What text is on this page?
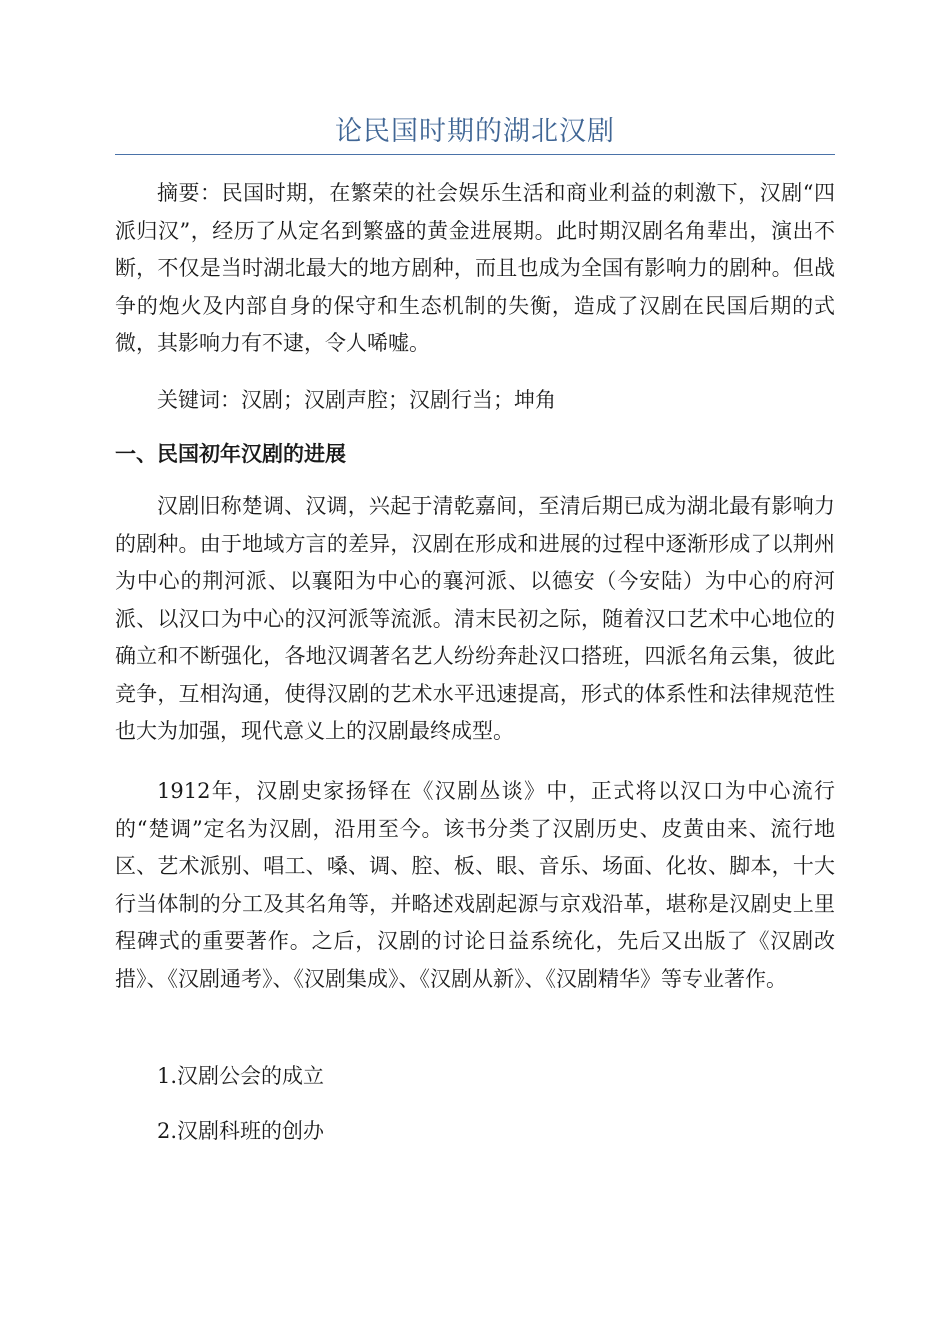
论民国时期的湖北汉剧

摘要：民国时期，在繁荣的社会娱乐生活和商业利益的刺激下，汉剧“四派归汉”，经历了从定名到繁盛的黄金进展期。此时期汉剧名角辈出，演出不断，不仅是当时湖北最大的地方剧种，而且也成为全国有影响力的剧种。但战争的炮火及内部自身的保守和生态机制的失衡，造成了汉剧在民国后期的式微，其影响力有不逮，令人唏嘘。

关键词：汉剧；汉剧声腔；汉剧行当；坤角

一、民国初年汉剧的进展

汉剧旧称楚调、汉调，兴起于清乾嘉间，至清后期已成为湖北最有影响力的剧种。由于地域方言的差异，汉剧在形成和进展的过程中逐渐形成了以荆州为中心的荆河派、以襄阳为中心的襄河派、以德安（今安陆）为中心的府河派、以汉口为中心的汉河派等流派。清末民初之际，随着汉口艺术中心地位的确立和不断强化，各地汉调著名艺人纷纷奔赴汉口搭班，四派名角云集，彼此竞争，互相沟通，使得汉剧的艺术水平迅速提高，形式的体系性和法律规范性也大为加强，现代意义上的汉剧最终成型。

1912年，汉剧史家扬铎在《汉剧丛谈》中，正式将以汉口为中心流行的“楚调”定名为汉剧，沿用至今。该书分类了汉剧历史、皮黄由来、流行地区、艺术派别、唱工、嗓、调、腔、板、眼、音乐、场面、化妆、脚本，十大行当体制的分工及其名角等，并略述戏剧起源与京戏沿革，堪称是汉剧史上里程碑式的重要著作。之后，汉剧的讨论日益系统化，先后又出版了《汉剧改措》、《汉剧通考》、《汉剧集成》、《汉剧从新》、《汉剧精华》等专业著作。

1.汉剧公会的成立

2.汉剧科班的创办
